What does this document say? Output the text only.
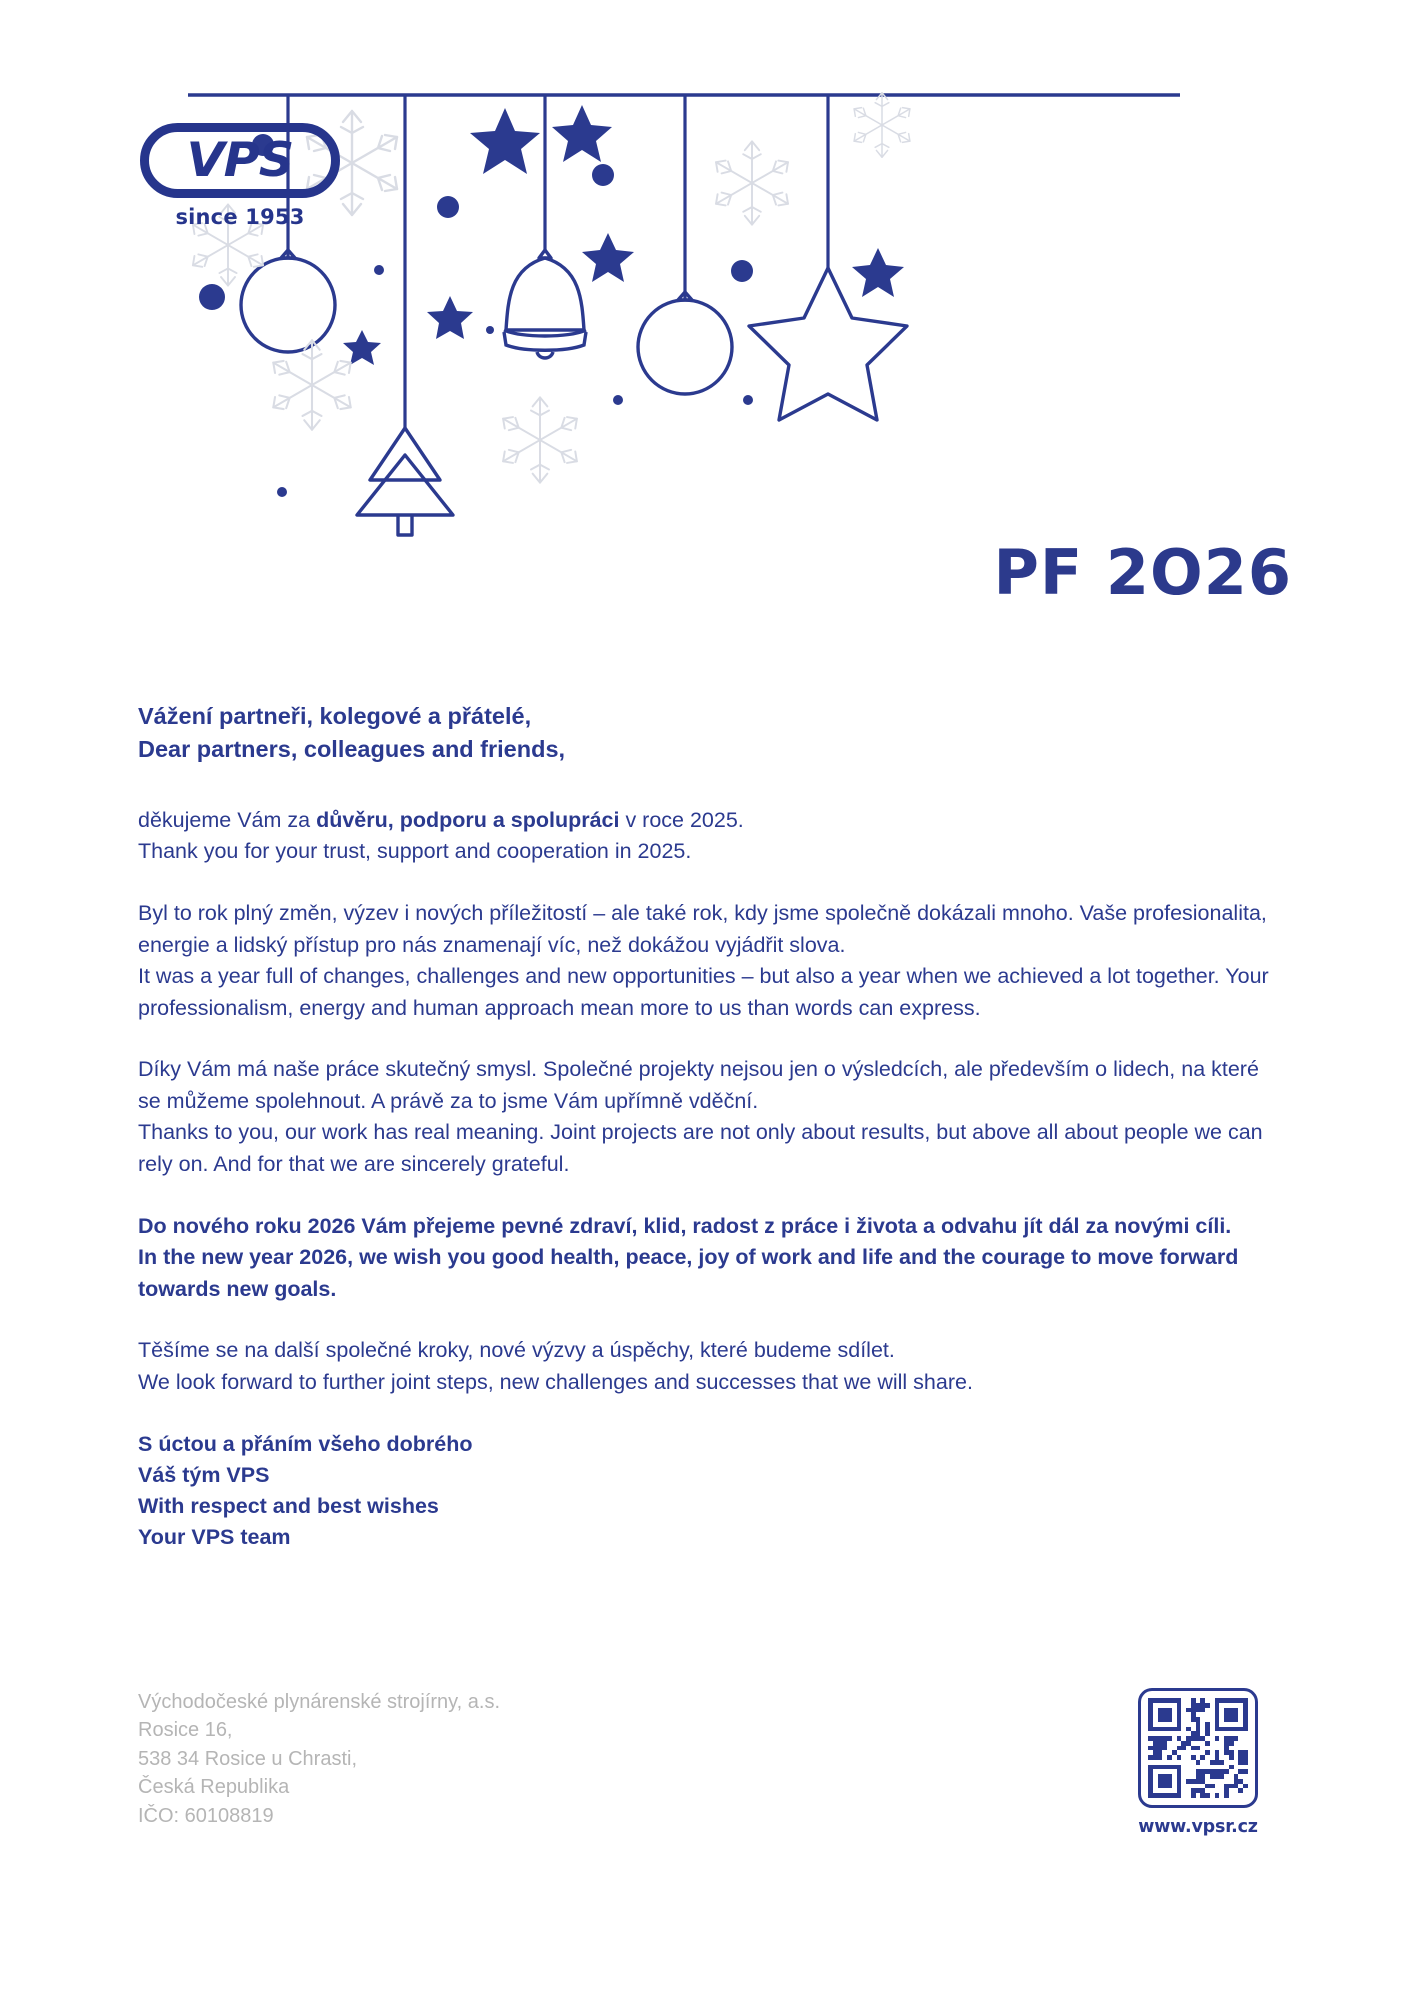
VPS
since 1953
PF 2O26
Vážení partneři, kolegové a přátelé,
Dear partners, colleagues and friends,
děkujeme Vám za důvěru, podporu a spolupráci v roce 2025.
Thank you for your trust, support and cooperation in 2025.
Byl to rok plný změn, výzev i nových příležitostí – ale také rok, kdy jsme společně dokázali mnoho. Vaše profesionalita, energie a lidský přístup pro nás znamenají víc, než dokážou vyjádřit slova.
It was a year full of changes, challenges and new opportunities – but also a year when we achieved a lot together. Your professionalism, energy and human approach mean more to us than words can express.
Díky Vám má naše práce skutečný smysl. Společné projekty nejsou jen o výsledcích, ale především o lidech, na které se můžeme spolehnout. A právě za to jsme Vám upřímně vděční.
Thanks to you, our work has real meaning. Joint projects are not only about results, but above all about people we can rely on. And for that we are sincerely grateful.
Do nového roku 2026 Vám přejeme pevné zdraví, klid, radost z práce i života a odvahu jít dál za novými cíli.
In the new year 2026, we wish you good health, peace, joy of work and life and the courage to move forward towards new goals.
Těšíme se na další společné kroky, nové výzvy a úspěchy, které budeme sdílet.
We look forward to further joint steps, new challenges and successes that we will share.
S úctou a přáním všeho dobrého
Váš tým VPS
With respect and best wishes
Your VPS team
Východočeské plynárenské strojírny, a.s.
Rosice 16,
538 34 Rosice u Chrasti,
Česká Republika
IČO: 60108819
www.vpsr.cz
